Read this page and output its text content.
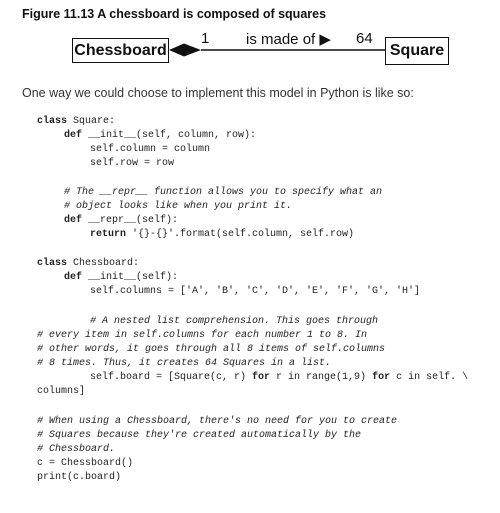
Figure 11.13 A chessboard is composed of squares
Chessboard	Square
1 is made of ▶ 64
One way we could choose to implement this model in Python is like so:
class Square:
def __init__(self, column, row):
self.column = column
self.row = row
# The __repr__ function allows you to specify what an
# object looks like when you print it.
def __repr__(self):
return '{}-{}'.format(self.column, self.row)
class Chessboard:
def __init__(self):
self.columns = ['A', 'B', 'C', 'D', 'E', 'F', 'G', 'H']
# A nested list comprehension. This goes through
# every item in self.columns for each number 1 to 8. In
# other words, it goes through all 8 items of self.columns
# 8 times. Thus, it creates 64 Squares in a list.
self.board = [Square(c, r) for r in range(1,9) for c in self. \
columns]
# When using a Chessboard, there's no need for you to create
# Squares because they're created automatically by the
# Chessboard.
c = Chessboard()
print(c.board)
